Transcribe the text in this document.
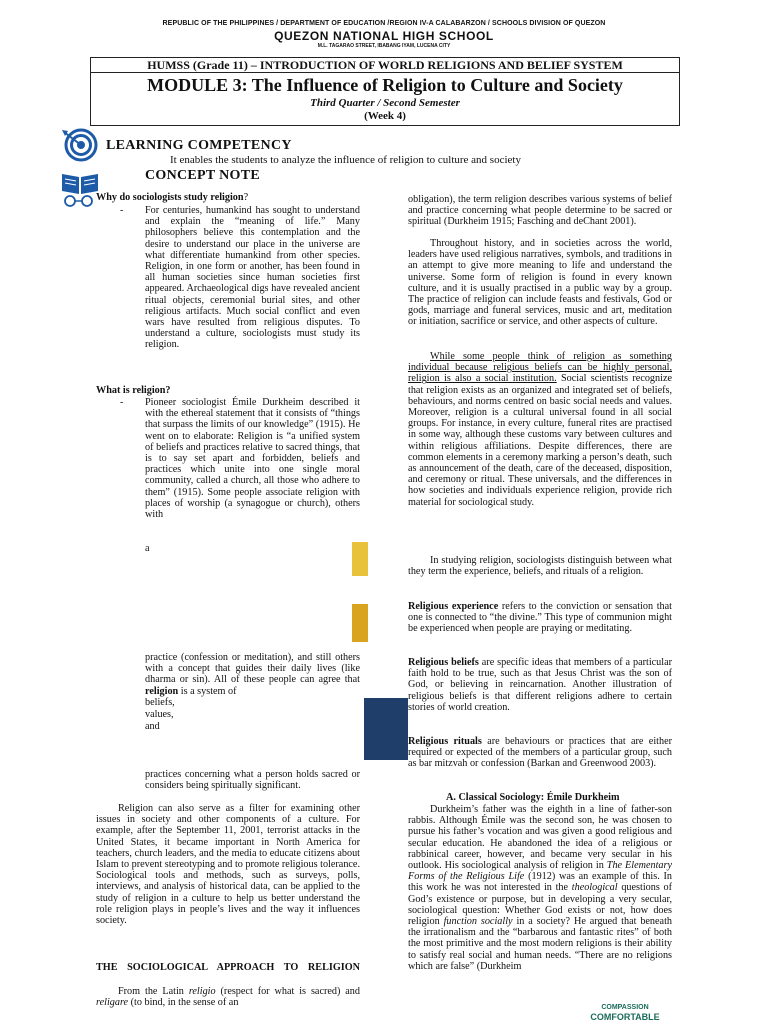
REPUBLIC OF THE PHILIPPINES / DEPARTMENT OF EDUCATION /REGION IV-A CALABARZON / SCHOOLS DIVISION OF QUEZON
QUEZON NATIONAL HIGH SCHOOL
M.L. TAGARAO STREET, IBABANG IYAM, LUCENA CITY
HUMSS (Grade 11) – INTRODUCTION OF WORLD RELIGIONS AND BELIEF SYSTEM
MODULE 3: The Influence of Religion to Culture and Society
Third Quarter / Second Semester
(Week 4)
LEARNING COMPETENCY
It enables the students to analyze the influence of religion to culture and society
CONCEPT NOTE
Why do sociologists study religion?
- For centuries, humankind has sought to understand and explain the “meaning of life.” Many philosophers believe this contemplation and the desire to understand our place in the universe are what differentiate humankind from other species. Religion, in one form or another, has been found in all human societies since human societies first appeared. Archaeological digs have revealed ancient ritual objects, ceremonial burial sites, and other religious artifacts. Much social conflict and even wars have resulted from religious disputes. To understand a culture, sociologists must study its religion.
What is religion?
- Pioneer sociologist Émile Durkheim described it with the ethereal statement that it consists of “things that surpass the limits of our knowledge” (1915). He went on to elaborate: Religion is “a unified system of beliefs and practices relative to sacred things, that is to say set apart and forbidden, beliefs and practices which unite into one single moral community, called a church, all those who adhere to them” (1915). Some people associate religion with places of worship (a synagogue or church), others with
a
practice (confession or meditation), and still others with a concept that guides their daily lives (like dharma or sin). All of these people can agree that religion is a system of
beliefs,
values,
and
practices concerning what a person holds sacred or considers being spiritually significant.
Religion can also serve as a filter for examining other issues in society and other components of a culture. For example, after the September 11, 2001, terrorist attacks in the United States, it became important in North America for teachers, church leaders, and the media to educate citizens about Islam to prevent stereotyping and to promote religious tolerance. Sociological tools and methods, such as surveys, polls, interviews, and analysis of historical data, can be applied to the study of religion in a culture to help us better understand the role religion plays in people’s lives and the way it influences society.
THE SOCIOLOGICAL APPROACH TO RELIGION
From the Latin religio (respect for what is sacred) and religare (to bind, in the sense of an
obligation), the term religion describes various systems of belief and practice concerning what people determine to be sacred or spiritual (Durkheim 1915; Fasching and deChant 2001).
Throughout history, and in societies across the world, leaders have used religious narratives, symbols, and traditions in an attempt to give more meaning to life and understand the universe. Some form of religion is found in every known culture, and it is usually practised in a public way by a group. The practice of religion can include feasts and festivals, God or gods, marriage and funeral services, music and art, meditation or initiation, sacrifice or service, and other aspects of culture.
While some people think of religion as something individual because religious beliefs can be highly personal, religion is also a social institution. Social scientists recognize that religion exists as an organized and integrated set of beliefs, behaviours, and norms centred on basic social needs and values. Moreover, religion is a cultural universal found in all social groups. For instance, in every culture, funeral rites are practised in some way, although these customs vary between cultures and within religious affiliations. Despite differences, there are common elements in a ceremony marking a person’s death, such as announcement of the death, care of the deceased, disposition, and ceremony or ritual. These universals, and the differences in how societies and individuals experience religion, provide rich material for sociological study.
In studying religion, sociologists distinguish between what they term the experience, beliefs, and rituals of a religion.
Religious experience refers to the conviction or sensation that one is connected to “the divine.” This type of communion might be experienced when people are praying or meditating.
Religious beliefs are specific ideas that members of a particular faith hold to be true, such as that Jesus Christ was the son of God, or believing in reincarnation. Another illustration of religious beliefs is that different religions adhere to certain stories of world creation.
Religious rituals are behaviours or practices that are either required or expected of the members of a particular group, such as bar mitzvah or confession (Barkan and Greenwood 2003).
A. Classical Sociology: Émile Durkheim
Durkheim’s father was the eighth in a line of father-son rabbis. Although Émile was the second son, he was chosen to pursue his father’s vocation and was given a good religious and secular education. He abandoned the idea of a religious or rabbinical career, however, and became very secular in his outlook. His sociological analysis of religion in The Elementary Forms of the Religious Life (1912) was an example of this. In this work he was not interested in the theological questions of God’s existence or purpose, but in developing a very secular, sociological question: Whether God exists or not, how does religion function socially in a society? He argued that beneath the irrationalism and the “barbarous and fantastic rites” of both the most primitive and the most modern religions is their ability to satisfy real social and human needs. “There are no religions which are false” (Durkheim
COMPASSION
COMFORTABLE
